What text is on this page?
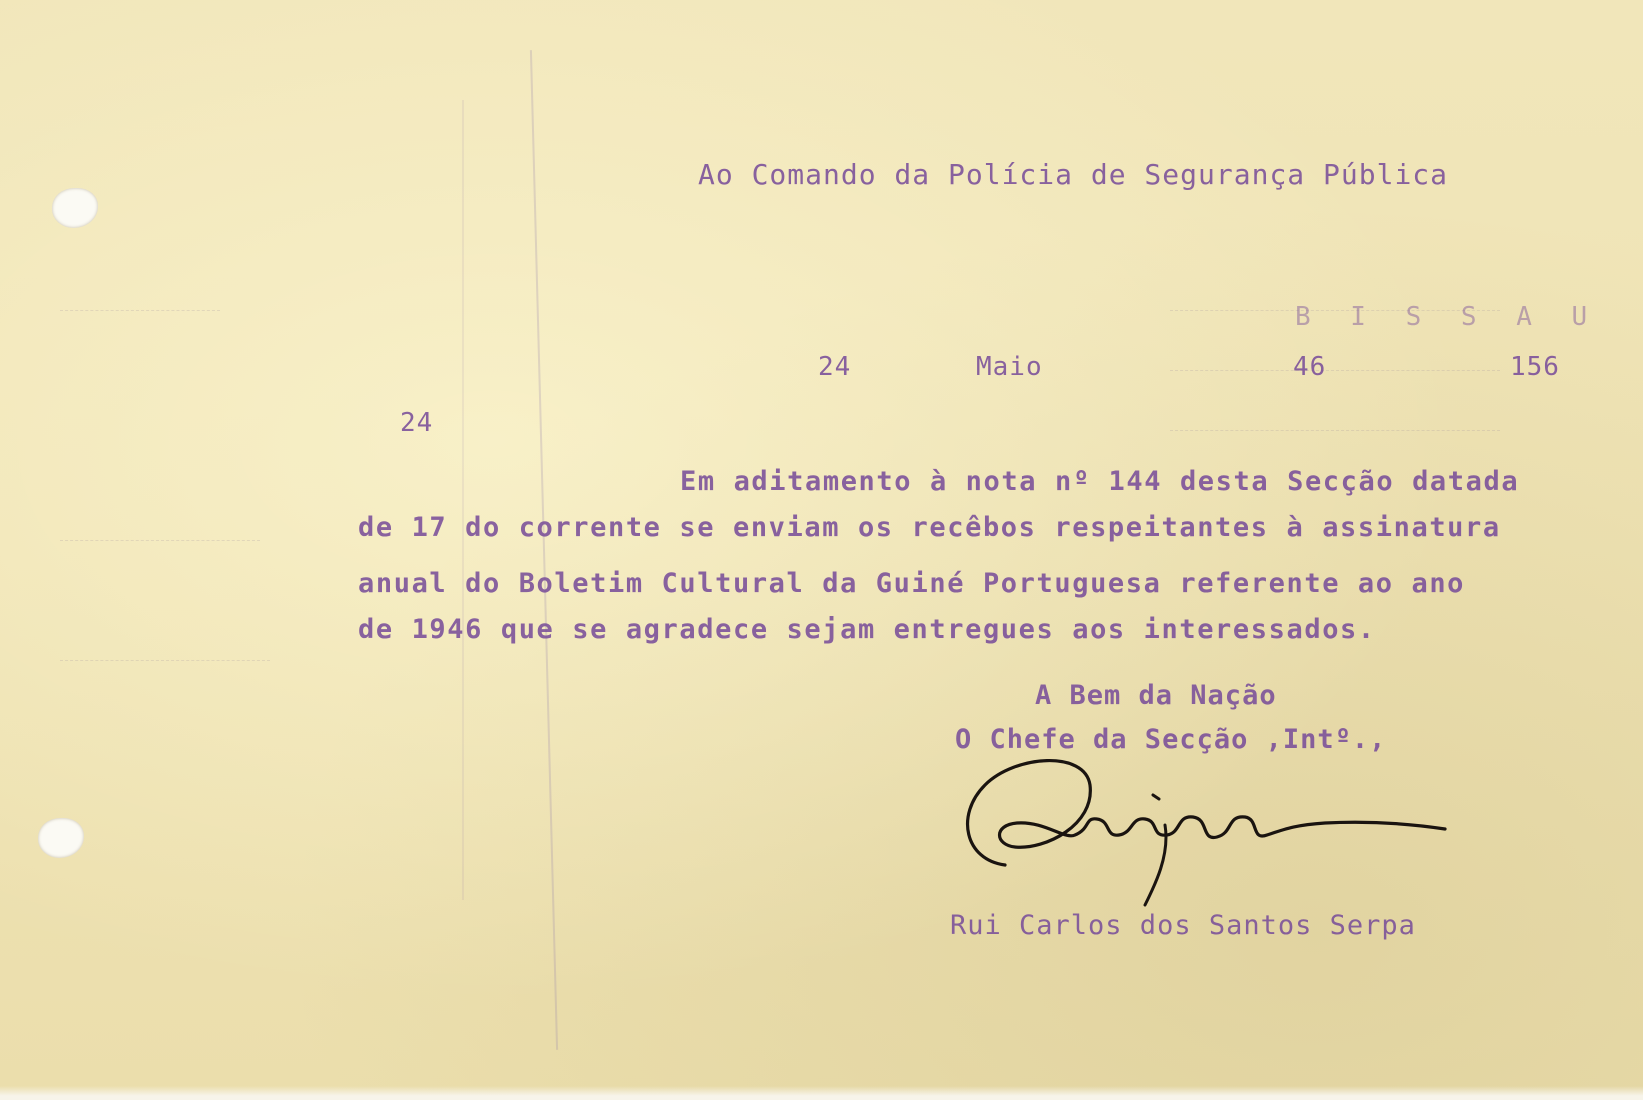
Ao Comando da Polícia de Segurança Pública
B I S S A U
24	Maio	46	156
24
Em aditamento à nota nº 144 desta Secção datada
de 17 do corrente se enviam os recêbos respeitantes à assinatura
anual do Boletim Cultural da Guiné Portuguesa referente ao ano
de 1946 que se agradece sejam entregues aos interessados.
A Bem da Nação
O Chefe da Secção ,Intº.,
Rui Carlos dos Santos Serpa
